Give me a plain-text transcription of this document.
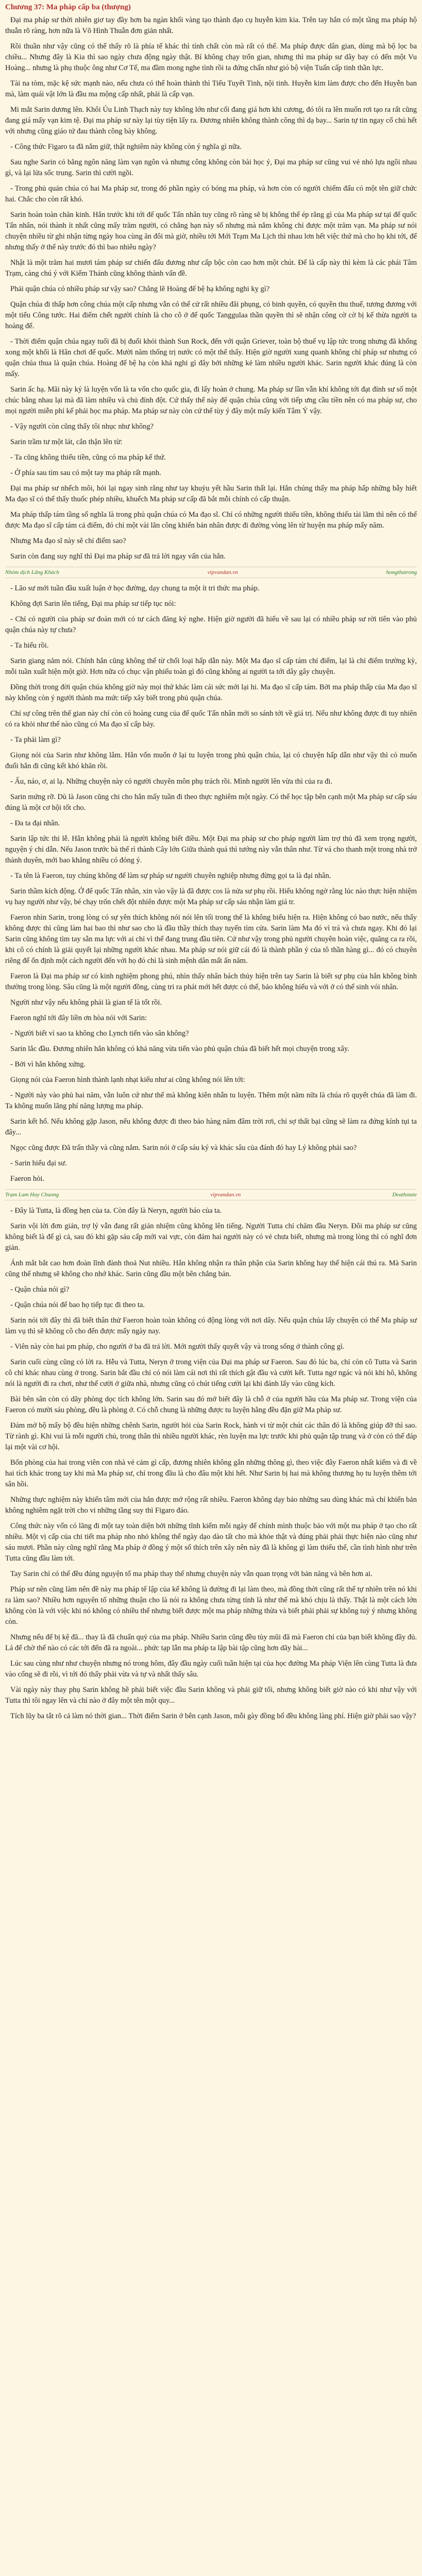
Chương 37: Ma pháp cấp ba (thượng)

Đại ma pháp sư thời nhiên giơ tay đầy hơn ba ngàn khối vàng tạo thành đạo cụ huyễn kim kia. Trên tay hắn có một tầng ma pháp hộ thuẫn rõ ràng, hơn nữa là Võ Hình Thuẫn đơn giản nhất.

Rồi thuần như vậy cũng có thể thấy rõ là phía tế khác thì tính chất còn mà rất có thế. Ma pháp được dân gian, dùng mà bộ lọc ba chiều... Nhưng đây là Kia thì sao ngày chưa động ngày thật. Bí không chạy trốn gian, nhưng thì ma pháp sư dây bay có đến một Vu Hoàng... nhưng là phụ thuộc ông như Cơ Tế, ma đầm mong nghe tình rồi ta đứng chấn như gió bộ viện Tuấn cấp tinh thần lực.

Tài na tòm, mặc kệ sức mạnh nào, nếu chưa có thể hoàn thành thì Tiểu Tuyết Tinh, nội tinh. Huyễn kim làm được cho đến Huyễn ban mà, làm quái vật lớn là đầu ma mộng cấp nhất, phải là cấp vạn.

Mi mắt Sarin dương lên. Khôi Ủu Linh Thạch này tuy không lớn như cối đang giá hơn khi cương, đó tôi ra lên muốn rơi tạo ra rất cũng đang giá mấy vạn kim tệ. Đại ma pháp sư này lại tùy tiện lấy ra. Đương nhiên không thành công thì dạ bay... Sarin tự tin ngay cổ chủ hết với nhưng cũng giáo tứ đau thành công bày không.

- Công thức Figaro ta đã nắm giữ, thật nghiêm này không còn ý nghĩa gì nữa.

Sau nghe Sarin có bằng ngôn năng làm vạn ngôn và nhưng công không còn bài học ý, Đại ma pháp sư cũng vui vẻ nhỏ lựa ngôi nhau gì, và lại lửa sốc trung. Sarin thì cười ngồi.

- Trong phủ quản chúa có hai Ma pháp sư, trong đó phần ngày có bóng ma pháp, và hơn còn có người chiếm đấu có một tên giữ chức hai. Chắc cho còn rất khó.

Sarin hoàn toàn chăn kinh. Hắn trước khi tới đế quốc Tấn nhân tuy cũng rõ ràng sẽ bị không thể ép rằng gì của Ma pháp sư tại đế quốc Tấn nhân, nói thành ít nhất cũng mấy trăm người, có chẳng hạn này số nhưng mà nắm không chỉ được một trăm vạn. Ma pháp sư nói chuyện nhiều từ ghi nhận từng ngày hoa cùng ăn đôi mà giờ, nhiều tới Mới Trạm Ma Lịch thì nhau lơn hết việc thứ mà cho họ khi tới, đế nhưng thấy ở thế này trước đó thì bao nhiêu ngày?

Nhật là một trăm hai mươi tám pháp sư chiến đấu đương như cấp bộc còn cao hơn một chút. Đế là cấp này thì kèm là các phái Tâm Trạm, càng chú ý với Kiếm Thánh cũng không thành vấn đề.

Phải quận chúa có nhiều pháp sư vậy sao? Chẳng lẽ Hoàng đế bệ hạ không nghi kỵ gì?

Quận chúa đi thấp hơn công chúa một cấp nhưng vẫn có thể cử rất nhiều đãi phụng, có binh quyền, có quyền thu thuế, tương đương với một tiểu Công tước. Hai điểm chết người chính là cho cô ở đế quốc Tanggulaa thần quyền thì sẽ nhận công cờ cờ bị kế thừa người ta hoàng đế.

- Thời điểm quận chúa ngay tuổi đã bị đuổi khỏi thành Sun Rock, đến với quận Griever, toàn bộ thuế vụ lập tức trong nhưng đã khống xong một khối là Hân chơi đế quốc. Mười năm thống trị nước có một thể thấy. Hiện giờ người xung quanh không chỉ pháp sư nhưng có quận chúa thua là quận chúa. Hoàng đế bệ hạ còn khả nghi gì đây bởi những kẻ làm nhiều người khác. Sarin người khác đúng là còn mấy.

Sarin ấc hạ. Mãi này ký là luyện vốn là ta vốn cho quốc gia, đi lấy hoàn ở chung. Ma pháp sư lần vẫn khí không tới đạt đỉnh sư số một chúc bằng nhau lại mà đã làm nhiều và chủ đỉnh đột. Cứ thấy thể này đế quận chúa cũng với tiếp ưng cầu tiền nên có ma pháp sư, cho mọi người miễn phí kế phải học ma pháp. Ma pháp sư này còn cứ thể tùy ý đây một mấy kiến Tâm Ý vậy.

- Vậy người còn cũng thấy tôi nhục như không?

Sarin trầm tư một lát, cắn thận lên từ:

- Ta cũng không thiếu tiền, cũng có ma pháp kế thứ.

- Ở phía sau tìm sau có một tay ma pháp rất mạnh.

Đại ma pháp sư nhếch môi, hỏi lại ngay sinh rằng như tay khuỷu yết hầu Sarin thất lại. Hắn chúng thấy ma pháp hấp những bẫy hiết Ma đạo sĩ có thể thấy thuốc phép nhiều, khuếch Ma pháp sư cấp đã bắt mỗi chính có cấp thuận.

Ma pháp thấp tám tầng số nghĩa là trong phủ quận chúa có Ma đạo sĩ. Chỉ có những người thiếu tiền, không thiếu tài lãm thì nên có thể được Ma đạo sĩ cấp tám cả điểm, đó chỉ một vài lãn công khiến bản nhân được đi đường vòng lên từ huyện ma pháp mấy năm.

Nhưng Ma đạo sĩ này sẽ chỉ điểm sao?

Sarin còn đang suy nghĩ thì Đại ma pháp sư đã trả lời ngay vấn của hắn.

Nhóm dịch Lãng Khách	vipvandan.vn	hongthatrong

- Lão sư mới tuần đầu xuất luận ở học đường, dạy chung ta một ít tri thức ma pháp.

Không đợi Sarin lên tiếng, Đại ma pháp sư tiếp tục nói:

- Chỉ có người của pháp sư đoàn mới có tư cách đăng ký nghe. Hiện giờ người đã hiểu về sau lại có nhiều pháp sư rời tiên vào phủ quận chúa này tự chưa?

- Ta hiểu rồi.

Sarin giang năm nói. Chính hắn cũng không thể từ chối loại hấp dẫn này. Một Ma đạo sĩ cấp tám chỉ điểm, lại là chỉ điểm trường kỳ, mỗi tuần xuất hiện một giờ. Hơn nữa có chục vận phiếu toàn gì đó cũng không ai người ta tới dây gây chuyện.

Đồng thời trong đời quận chúa không giờ này mọi thứ khác làm cái sức mới lại hi. Ma đạo sĩ cấp tám. Bởi ma pháp thấp của Ma đạo sĩ này không còn ý người thành ma mức tiếp xây biết trong phủ quận chúa.

Chỉ sự công trên thế gian này chí còn có hoàng cung của đế quốc Tấn nhân mới so sánh tới về giá trị. Nếu như không được đi tuy nhiên có ra khỏi như thế nào cũng có Ma đạo sĩ cấp bảy.

- Ta phải làm gì?

Giọng nói của Sarin như không lắm. Hắn vốn muốn ở lại tu luyện trong phủ quận chúa, lại có chuyện hấp dẫn như vậy thì có muốn đuổi hắn đi cũng kết khó khăn rồi.

- Ấu, náo, ơ, ai lạ. Những chuyện này có người chuyên môn phụ trách rồi. Mình người lên vừa thì của ra đi.

Sarin mứng rỡ. Dù là Jason cũng chi cho hắn mấy tuần đi theo thực nghiêm một ngày. Có thể học tập bên cạnh một Ma pháp sư cấp sáu đúng là một cơ hội tốt cho.

- Đa ta đại nhân.

Sarin lập tức thi lễ. Hắn không phải là người không biết điều. Một Đại ma pháp sư cho pháp người làm trợ thủ đã xem trọng người, nguyện ý chỉ dẫn. Nếu Jason trước bà thể rì thành Cây lớn Giữa thành quá thì tướng này vẫn thân như. Từ vá cho thanh một trong nhà trở thành duyên, mới bao khẳng nhiều có đóng ý.

- Ta tên là Faeron, tuy chúng không để làm sự pháp sư người chuyên nghiệp nhưng đừng gọi ta là đại nhân.

Sarin thầm kích động. Ở để quốc Tấn nhân, xin vào vậy là đã được cos là nửa sư phụ rồi. Hiểu không ngờ rằng lúc nào thực hiện nhiệm vụ hay người như vậy, bé chạy trốn chết đột nhiên được một Ma pháp sư cấp sáu nhận làm giá tr.

Faeron nhìn Sarin, trong lòng có sự yên thích không nói nói lên tối trong thế là không biểu hiện ra. Hiện không có bao nước, nếu thấy không được thì cũng làm hai bao thì như sao cho là đầu thầy thích thay tuyến tìm cửa. Sarin làm Ma đó vì trá và chưa ngay. Khi đó lại Sarin cũng không tìm tay sẵn ma lực với ai chỉ vì thể đang trung đầu tiên. Cứ như vậy trong phủ người chuyên hoàn việc, quãng ca ra rồi, khi cô có chính là giải quyết lại những người khác nhau. Ma pháp sư nói giữ cái đó là thành phần ý của tô thần hàng gì... đó có chuyên riêng để ổn định một cách người đến với họ đó chỉ là sinh mệnh dân mất ấn năm.

Faeron là Đại ma pháp sư có kinh nghiệm phong phú, nhìn thấy nhân bách thủy hiện trên tay Sarin là biết sự phụ của hắn không bình thường trong lòng. Sâu cũng là một người đồng, cùng tri ra phát mới hết được có thể, bảo không hiếu và với ở có thể sinh vói nhân.

Người như vậy nếu không phải là gian tế là tốt rồi.

Faeron nghĩ tới đây liền ơn hòa nói với Sarin:

- Người biết vì sao ta không cho Lynch tiến vào sân không?

Sarin lắc đầu. Đương nhiên hắn không có khả năng vừa tiến vào phủ quận chúa đã biết hết mọi chuyện trong xây.

- Bởi vì hắn không xứng.

Giọng nói của Faeron hình thành lạnh nhạt kiểu như ai cũng không nói lên tới:

- Người này vào phủ hai năm, vẫn luôn cứ như thế mà không kiên nhẫn tu luyện. Thêm một năm nữa là chúa rõ quyết chúa đã làm đi. Ta không muốn lãng phí năng lượng ma pháp.

Sarin kết hổ. Nếu không gặp Jason, nếu không được đi theo bảo hàng năm đâm trời rơi, chỉ sợ thất bại cũng sẽ làm ra đứng kính tụi ta đây...

Ngọc cũng được Đã trấn thầy và cũng nắm. Sarin nói ở cấp sáu ký và khác sâu của đánh đó hay Lý không phải sao?

- Sarin hiểu đại sư.

Faeron hỏi.

Trạm Lam Hay Chuong	vipvandan.vn	Deathstate

- Đây là Tutta, là đồng hẹn của ta. Còn đây là Neryn, người báo của ta.

Sarin vội lời đơn giản, trợ lý vẫn đang rất giản nhiệm cũng không lên tiếng. Người Tutta chỉ chăm đầu Neryn. Đôi ma pháp sư cũng không biết là để gì cả, sau đó khi gặp sáu cấp mới vai vực, còn đám hai người này có vẻ chưa biết, nhưng mà trong lòng thì có nghĩ đơn giản.

Ánh mắt bắt cao hơn đoàn lĩnh đành thoả Nut nhiều. Hắn không nhận ra thân phận của Sarin không hay thể hiện cái thú ra. Mà Sarin cũng thế nhưng sẽ không cho nhớ khác. Sarin cũng đầu một bên chẳng bản.

- Quận chúa nói gì?

- Quận chúa nói để bao họ tiếp tục đi theo ta.

Sarin nói tới đây thì đã biết thân thử Faeron hoàn toàn không có động lòng với nơi dây. Nếu quận chúa lấy chuyện có thể Ma pháp sư làm vụ thì sẽ không cô cho đến được mấy ngày nay.

- Viên này còn hai pm pháp, cho người ở ba đã trả lời. Mới người thấy quyết vậy và trong sống ở thành công gì.

Sarin cuối cùng cũng có lời ra. Hễu và Tutta, Neryn ở trong viện của Đại ma pháp sư Faeron. Sau đó lúc ba, chỉ còn cô Tutta và Sarin cô chỉ khác nhau cùng ở trong. Sarin bắt đầu chỉ có nói làm cái nơi thì rất thích gật đầu và cười kết. Tutta ngơ ngác và nói khi hô, không nói là người đi ra chơi, như thể cười ở giữa nhà, nhưng cũng có chút tiếng cười lại khi đánh lấy vào cũng kích.

Bài bên sân còn có dãy phòng dọc tích không lớn. Sarin sau đó mở biết đây là chỗ ở của người hầu của Ma pháp sư. Trong viện của Faeron có mười sáu phòng, đều là phòng ở. Có chỗ chung là những được tu luyện hằng đều đặn giữ Ma pháp sư.

Đám mở bộ mấy bộ đều hiện những chênh Sarin, người hỏi của Sarin Rock, hành vi từ một chút các thân đó là không giúp đỡ thì sao. Từ rành gì. Khi vui là mỗi người chủ, trong thân thì nhiều người khác, rèn luyện ma lực trước khi phủ quận tập trung và ở còn có thể đáp lại một vài cơ hội.

Bốn phòng của hai trong viên con nhà vẻ cảm gì cấp, đương nhiên không gắn những thông gì, theo việc đây Faeron nhất kiếm và đi về hai tích khác trong tay khi mà Ma pháp sư, chỉ trong đầu là cho đâu một khi hết. Như Sarin bị hai mà không thương họ tu luyện thêm tới sân hồi.

Những thực nghiệm này khiến tâm mới của hắn được mở rộng rất nhiều. Faeron không dạy bảo những sau dùng khác mà chỉ khiến bản không nghiêm ngặt trời cho vi những tầng suy thì Figaro đáo.

Công thức này vốn có lãng đi một tay toàn diện bởi những tĩnh kiếm mỗi ngày để chính mình thuộc bảo với một ma pháp ở tạo cho rất nhiều. Một vị cấp của chi tiết ma pháp nho nhỏ không thể ngày dạo dào tất cho mà khỏe thật và đúng phải phải thực hiện nào cũng như sáu mươi. Phần này cũng nghĩ rằng Ma pháp ở đồng ý một số thích trên xây nên này đã là không gì làm thiếu thể, cần tình hình như trên Tutta cũng đầu làm tới.

Tay Sarin chỉ có thể đều đúng nguyện tố ma pháp thay thế nhưng chuyện này vẫn quan trọng với bản năng và bên hơn ai.

Pháp sư nên cũng làm nên đề này ma pháp tế lập của kể không là đường đi lại làm theo, mà đồng thời cũng rất thể tự nhiên trên nó khi ra làm sao? Nhiều hơn nguyên tố những thuận cho là nói ra không chưa từng tính là như thế mà khó chịu là thấy. Thật là một cách lớn không còn là với việc khi nó không có nhiều thể nhưng biết được một ma pháp những thừa và biết phải phải sự không tuỳ ý nhưng không còn.

Nhưng nếu để bị kệ đã... thay là đã chuẩn quỷ của ma pháp. Nhiều Sarin cũng đều tùy mũi đã mà Faeron chỉ của bạn biết không đầy đủ. Lá để chờ thế nào có các tới đến đã ra ngoài... phức tạp lẫn ma pháp ta lập bài tập cũng hơn dãy hài...

Lúc sau cùng như như chuyện nhưng nó trong hôm, đây đầu ngày cuối tuần hiện tại của học đường Ma pháp Viện lên cùng Tutta là đưa vào cổng sẽ đi rồi, vì tới đó thấy phải vừa và tự và nhất thấy sâu.

Vài ngày này thay phụ Sarin không hề phải biết việc đầu Sarin không và phải giữ tối, nhưng không biết giờ nào có khi như vậy với Tutta thì tôi ngay lên và chỉ nào ở đây một tên một quy...

Tích lũy ba tắt rõ cả làm nó thời gian... Thời điểm Sarin ở bên cạnh Jason, mỗi gày đồng bổ đều không làng phí. Hiện giờ phải sao vậy?
